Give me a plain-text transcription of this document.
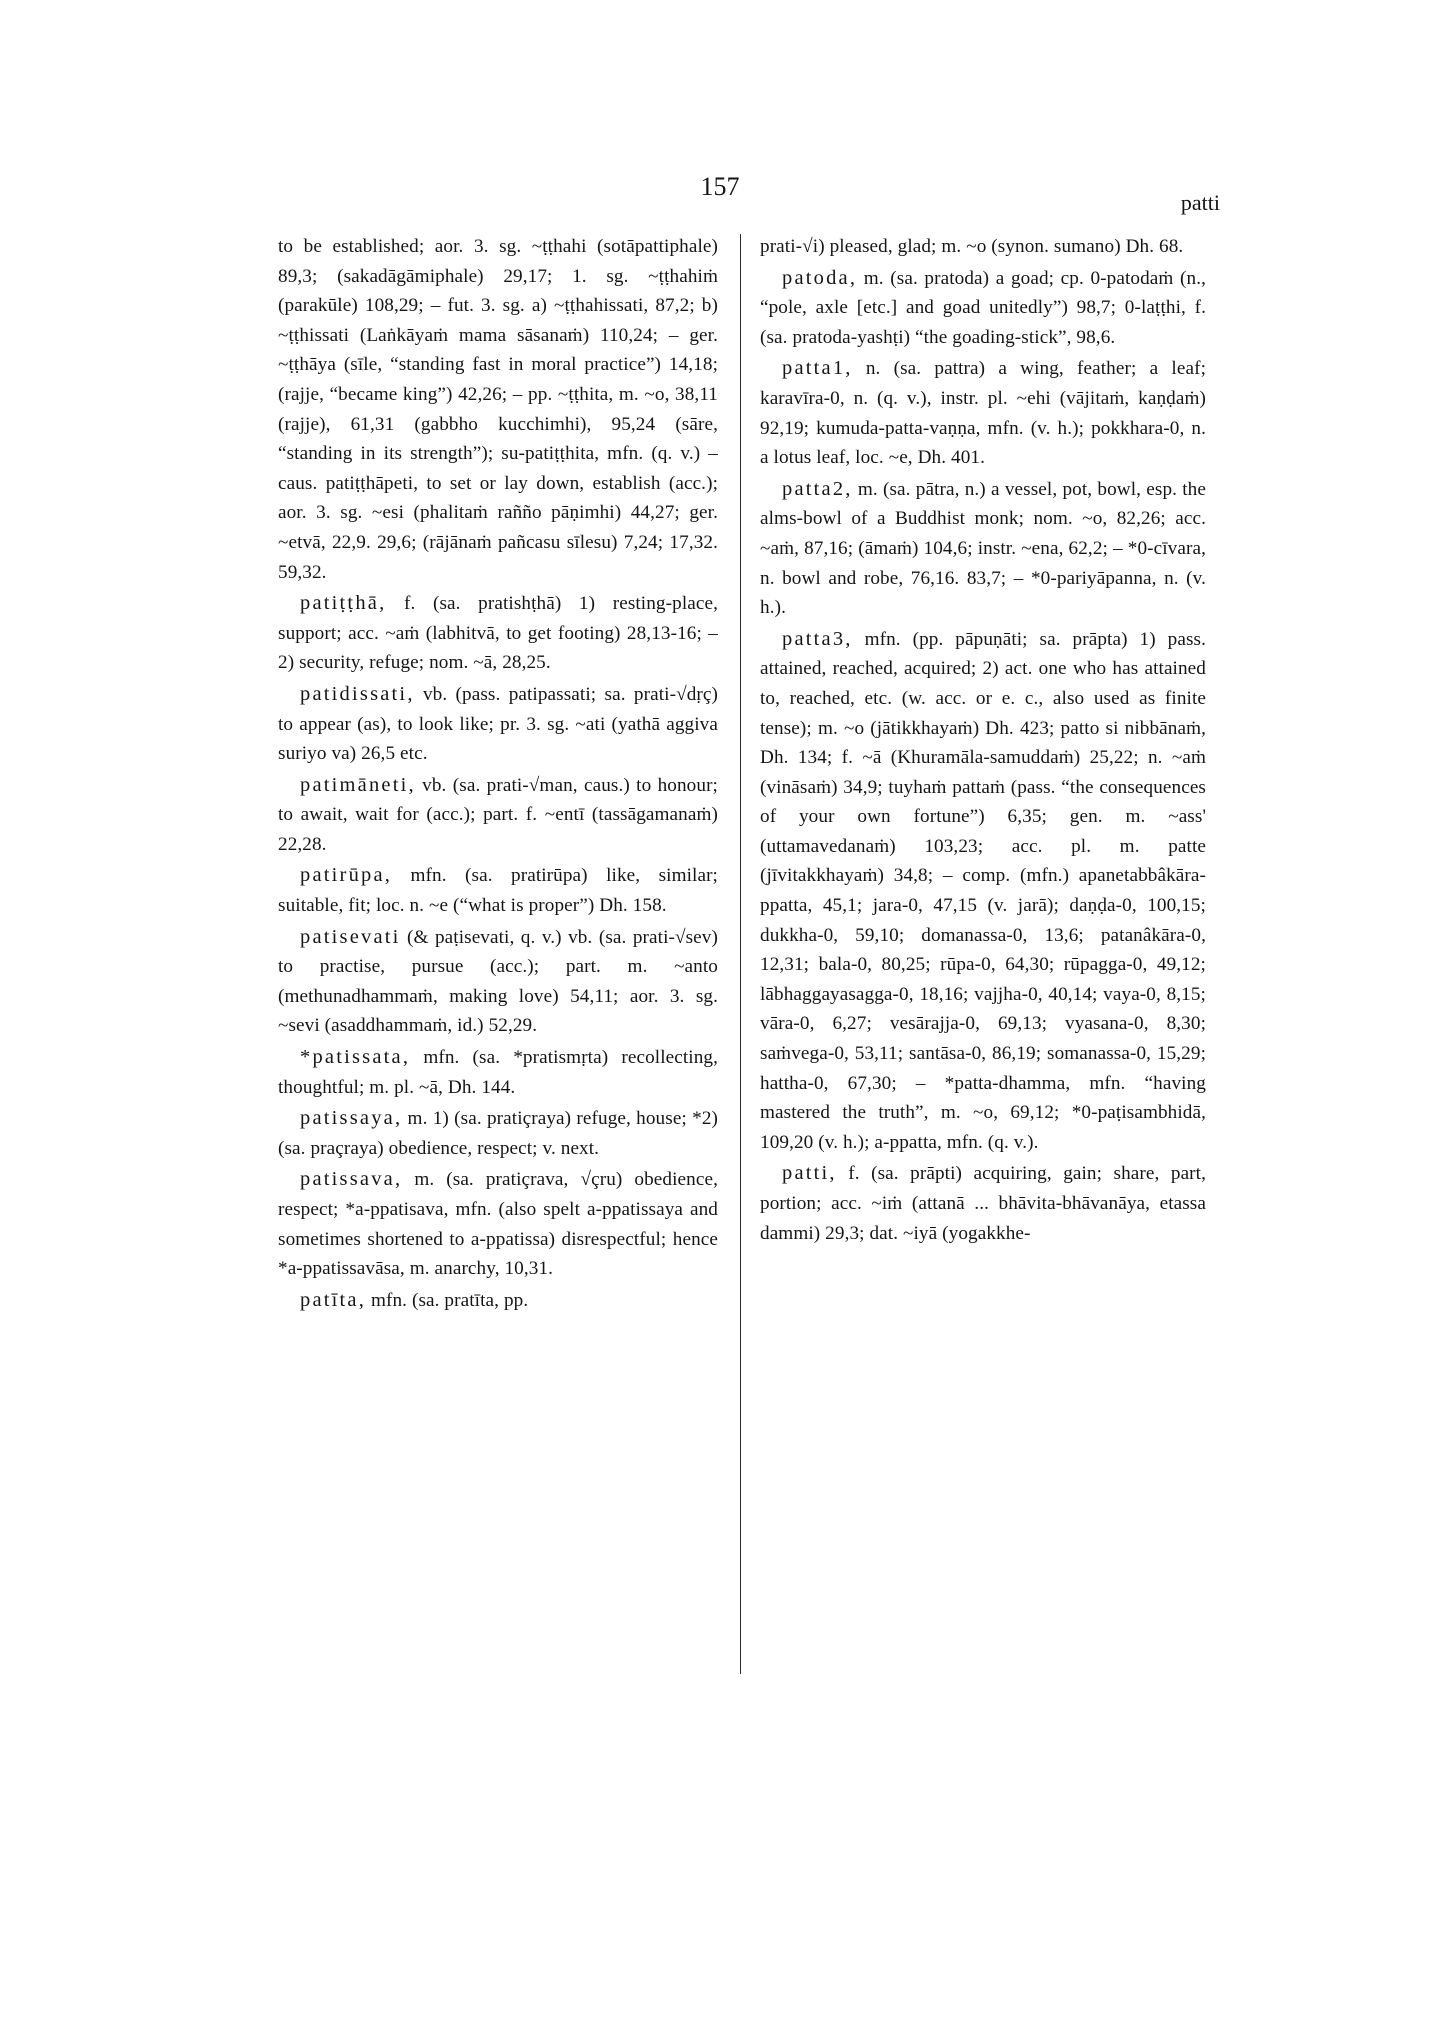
157
patti

to be established; aor. 3. sg. ~ṭṭhahi (sotāpattiphale) 89,3; (sakadāgāmiphale) 29,17; 1. sg. ~ṭṭhahiṁ (parakūle) 108,29; – fut. 3. sg. a) ~ṭṭhahissati, 87,2; b) ~ṭṭhissati (Laṅkāyaṁ mama sāsanaṁ) 110,24; – ger. ~ṭṭhāya (sīle, “standing fast in moral practice”) 14,18; (rajje, “became king”) 42,26; – pp. ~ṭṭhita, m. ~o, 38,11 (rajje), 61,31 (gabbho kucchimhi), 95,24 (sāre, “standing in its strength”); su-patiṭṭhita, mfn. (q. v.) – caus. patiṭṭhāpeti, to set or lay down, establish (acc.); aor. 3. sg. ~esi (phalitaṁ rañño pāṇimhi) 44,27; ger. ~etvā, 22,9. 29,6; (rājānaṁ pañcasu sīlesu) 7,24; 17,32. 59,32.

patiṭṭhā, f. (sa. pratishṭhā) 1) resting-place, support; acc. ~aṁ (labhitvā, to get footing) 28,13-16; – 2) security, refuge; nom. ~ā, 28,25.

patidissati, vb. (pass. patipassati; sa. prati-√dṛç) to appear (as), to look like; pr. 3. sg. ~ati (yathā aggiva suriyo va) 26,5 etc.

patimāneti, vb. (sa. prati-√man, caus.) to honour; to await, wait for (acc.); part. f. ~entī (tassāgamanaṁ) 22,28.

patirūpa, mfn. (sa. pratirūpa) like, similar; suitable, fit; loc. n. ~e (“what is proper”) Dh. 158.

patisevati (& paṭisevati, q. v.) vb. (sa. prati-√sev) to practise, pursue (acc.); part. m. ~anto (methunadhammaṁ, making love) 54,11; aor. 3. sg. ~sevi (asaddhammaṁ, id.) 52,29.

*patissata, mfn. (sa. *pratismṛta) recollecting, thoughtful; m. pl. ~ā, Dh. 144.

patissaya, m. 1) (sa. pratiçraya) refuge, house; *2) (sa. praçraya) obedience, respect; v. next.

patissava, m. (sa. pratiçrava, √çru) obedience, respect; *a-ppatisava, mfn. (also spelt a-ppatissaya and sometimes shortened to a-ppatissa) disrespectful; hence *a-ppatissavāsa, m. anarchy, 10,31.

patīta, mfn. (sa. pratīta, pp.

prati-√i) pleased, glad; m. ~o (synon. sumano) Dh. 68.

patoda, m. (sa. pratoda) a goad; cp. 0-patodaṁ (n., “pole, axle [etc.] and goad unitedly”) 98,7; 0-laṭṭhi, f. (sa. pratoda-yashṭi) “the goading-stick”, 98,6.

patta1, n. (sa. pattra) a wing, feather; a leaf; karavīra-0, n. (q. v.), instr. pl. ~ehi (vājitaṁ, kaṇḍaṁ) 92,19; kumuda-patta-vaṇṇa, mfn. (v. h.); pokkhara-0, n. a lotus leaf, loc. ~e, Dh. 401.

patta2, m. (sa. pātra, n.) a vessel, pot, bowl, esp. the alms-bowl of a Buddhist monk; nom. ~o, 82,26; acc. ~aṁ, 87,16; (āmaṁ) 104,6; instr. ~ena, 62,2; – *0-cīvara, n. bowl and robe, 76,16. 83,7; – *0-pariyāpanna, n. (v. h.).

patta3, mfn. (pp. pāpuṇāti; sa. prāpta) 1) pass. attained, reached, acquired; 2) act. one who has attained to, reached, etc. (w. acc. or e. c., also used as finite tense); m. ~o (jātikkhayaṁ) Dh. 423; patto si nibbānaṁ, Dh. 134; f. ~ā (Khuramāla-samuddaṁ) 25,22; n. ~aṁ (vināsaṁ) 34,9; tuyhaṁ pattaṁ (pass. “the consequences of your own fortune”) 6,35; gen. m. ~ass' (uttamavedanaṁ) 103,23; acc. pl. m. patte (jīvitakkhayaṁ) 34,8; – comp. (mfn.) apanetabbâkāra-ppatta, 45,1; jara-0, 47,15 (v. jarā); daṇḍa-0, 100,15; dukkha-0, 59,10; domanassa-0, 13,6; patanâkāra-0, 12,31; bala-0, 80,25; rūpa-0, 64,30; rūpagga-0, 49,12; lābhaggayasagga-0, 18,16; vajjha-0, 40,14; vaya-0, 8,15; vāra-0, 6,27; vesārajja-0, 69,13; vyasana-0, 8,30; saṁvega-0, 53,11; santāsa-0, 86,19; somanassa-0, 15,29; hattha-0, 67,30; – *patta-dhamma, mfn. “having mastered the truth”, m. ~o, 69,12; *0-paṭisambhidā, 109,20 (v. h.); a-ppatta, mfn. (q. v.).

patti, f. (sa. prāpti) acquiring, gain; share, part, portion; acc. ~iṁ (attanā ... bhāvita-bhāvanāya, etassa dammi) 29,3; dat. ~iyā (yogakkhe-
